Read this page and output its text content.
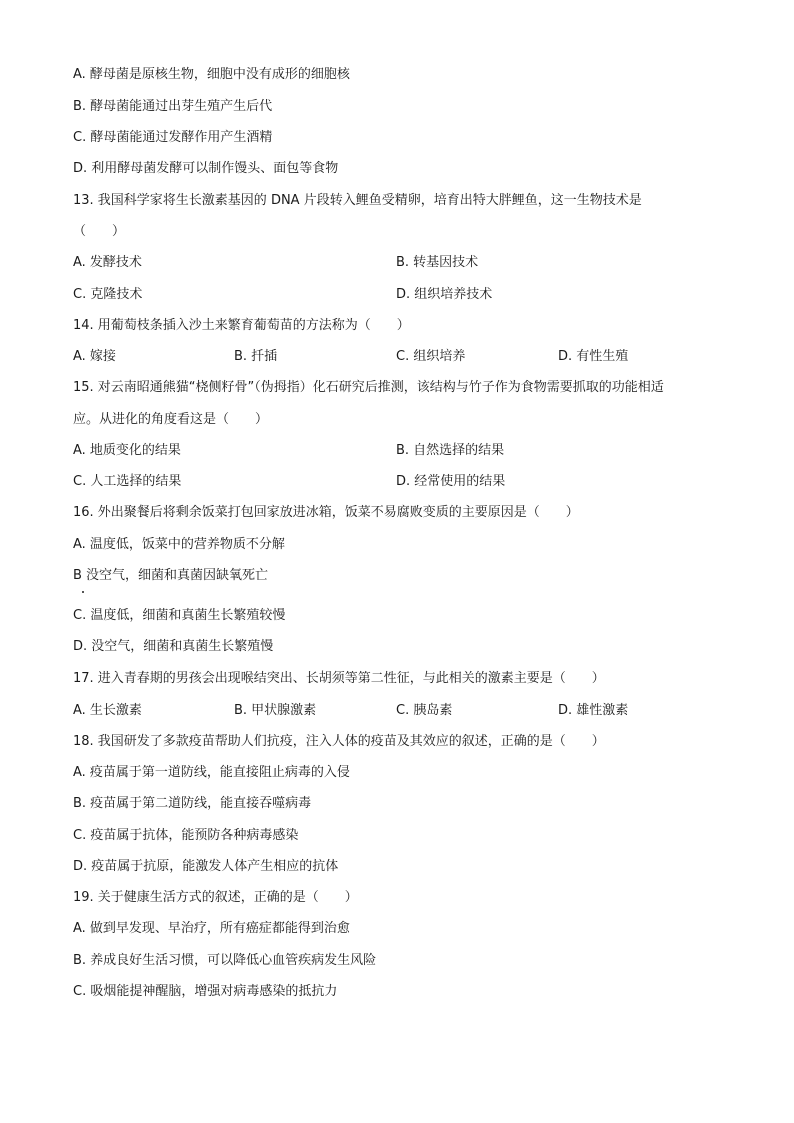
A. 酵母菌是原核生物，细胞中没有成形的细胞核
B. 酵母菌能通过出芽生殖产生后代
C. 酵母菌能通过发酵作用产生酒精
D. 利用酵母菌发酵可以制作馒头、面包等食物
13. 我国科学家将生长激素基因的 DNA 片段转入鲤鱼受精卵，培育出特大胖鲤鱼，这一生物技术是
（　　）
A. 发酵技术	B. 转基因技术
C. 克隆技术	D. 组织培养技术
14. 用葡萄枝条插入沙土来繁育葡萄苗的方法称为（　　）
A. 嫁接	B. 扦插	C. 组织培养	D. 有性生殖
15. 对云南昭通熊猫“桡侧籽骨”（伪拇指）化石研究后推测，该结构与竹子作为食物需要抓取的功能相适
应。从进化的角度看这是（　　）
A. 地质变化的结果	B. 自然选择的结果
C. 人工选择的结果	D. 经常使用的结果
16. 外出聚餐后将剩余饭菜打包回家放进冰箱，饭菜不易腐败变质的主要原因是（　　）
A. 温度低，饭菜中的营养物质不分解
B 没空气，细菌和真菌因缺氧死亡
C. 温度低，细菌和真菌生长繁殖较慢
D. 没空气，细菌和真菌生长繁殖慢
17. 进入青春期的男孩会出现喉结突出、长胡须等第二性征，与此相关的激素主要是（　　）
A. 生长激素	B. 甲状腺激素	C. 胰岛素	D. 雄性激素
18. 我国研发了多款疫苗帮助人们抗疫，注入人体的疫苗及其效应的叙述，正确的是（　　）
A. 疫苗属于第一道防线，能直接阻止病毒的入侵
B. 疫苗属于第二道防线，能直接吞噬病毒
C. 疫苗属于抗体，能预防各种病毒感染
D. 疫苗属于抗原，能激发人体产生相应的抗体
19. 关于健康生活方式的叙述，正确的是（　　）
A. 做到早发现、早治疗，所有癌症都能得到治愈
B. 养成良好生活习惯，可以降低心血管疾病发生风险
C. 吸烟能提神醒脑，增强对病毒感染的抵抗力
